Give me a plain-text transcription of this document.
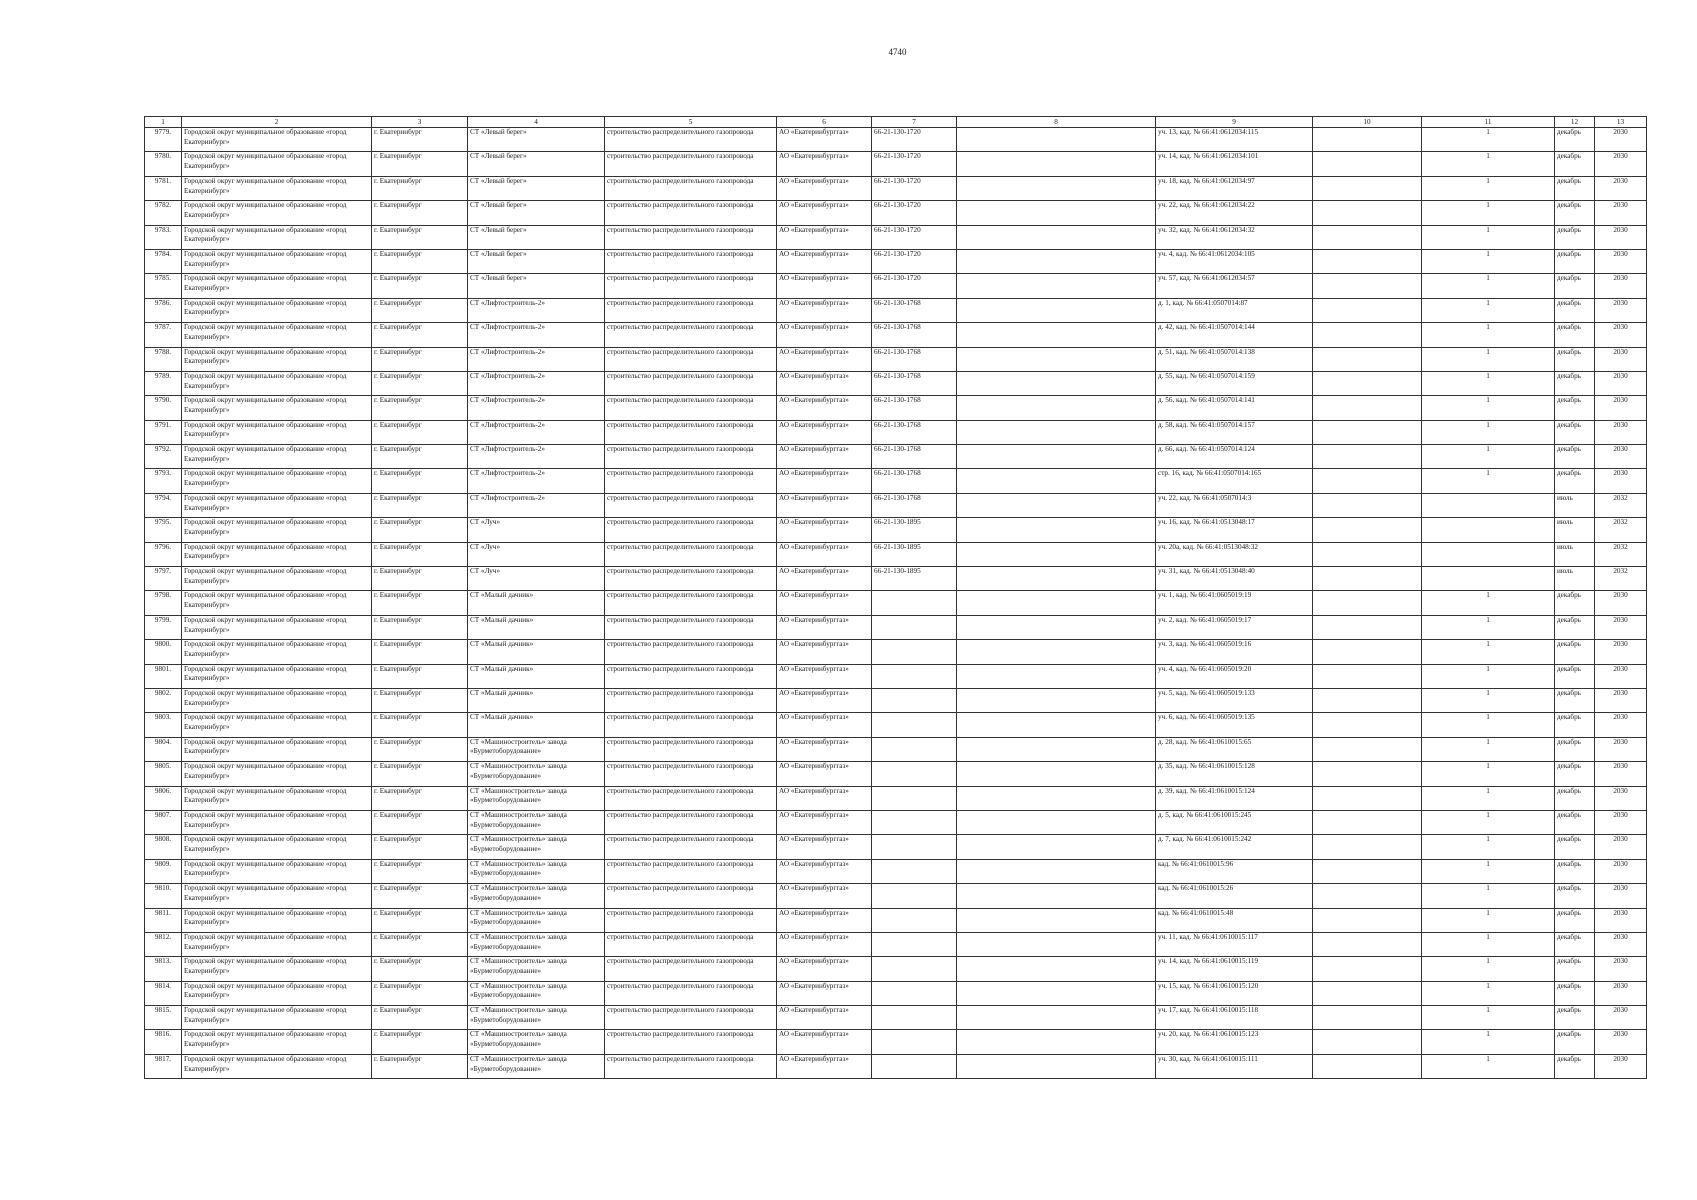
4740
1	2	3	4	5	6	7	8	9	10	11	12	13
9779.	Городской округ муниципальное образование «город Екатеринбург»	г. Екатеринбург	СТ «Левый берег»	строительство распределительного газопровода	АО «Екатеринбурггаз»	66-21-130-1720		уч. 13, кад. № 66:41:0612034:115		1	декабрь	2030
9780.	Городской округ муниципальное образование «город Екатеринбург»	г. Екатеринбург	СТ «Левый берег»	строительство распределительного газопровода	АО «Екатеринбурггаз»	66-21-130-1720		уч. 14, кад. № 66:41:0612034:101		1	декабрь	2030
9781.	Городской округ муниципальное образование «город Екатеринбург»	г. Екатеринбург	СТ «Левый берег»	строительство распределительного газопровода	АО «Екатеринбурггаз»	66-21-130-1720		уч. 18, кад. № 66:41:0612034:97		1	декабрь	2030
9782.	Городской округ муниципальное образование «город Екатеринбург»	г. Екатеринбург	СТ «Левый берег»	строительство распределительного газопровода	АО «Екатеринбурггаз»	66-21-130-1720		уч. 22, кад. № 66:41:0612034:22		1	декабрь	2030
9783.	Городской округ муниципальное образование «город Екатеринбург»	г. Екатеринбург	СТ «Левый берег»	строительство распределительного газопровода	АО «Екатеринбурггаз»	66-21-130-1720		уч. 32, кад. № 66:41:0612034:32		1	декабрь	2030
9784.	Городской округ муниципальное образование «город Екатеринбург»	г. Екатеринбург	СТ «Левый берег»	строительство распределительного газопровода	АО «Екатеринбурггаз»	66-21-130-1720		уч. 4, кад. № 66:41:0612034:105		1	декабрь	2030
9785.	Городской округ муниципальное образование «город Екатеринбург»	г. Екатеринбург	СТ «Левый берег»	строительство распределительного газопровода	АО «Екатеринбурггаз»	66-21-130-1720		уч. 57, кад. № 66:41:0612034:57		1	декабрь	2030
9786.	Городской округ муниципальное образование «город Екатеринбург»	г. Екатеринбург	СТ «Лифтостроитель-2»	строительство распределительного газопровода	АО «Екатеринбурггаз»	66-21-130-1768		д. 1, кад. № 66:41:0507014:87		1	декабрь	2030
9787.	Городской округ муниципальное образование «город Екатеринбург»	г. Екатеринбург	СТ «Лифтостроитель-2»	строительство распределительного газопровода	АО «Екатеринбурггаз»	66-21-130-1768		д. 42, кад. № 66:41:0507014:144		1	декабрь	2030
9788.	Городской округ муниципальное образование «город Екатеринбург»	г. Екатеринбург	СТ «Лифтостроитель-2»	строительство распределительного газопровода	АО «Екатеринбурггаз»	66-21-130-1768		д. 51, кад. № 66:41:0507014:138		1	декабрь	2030
9789.	Городской округ муниципальное образование «город Екатеринбург»	г. Екатеринбург	СТ «Лифтостроитель-2»	строительство распределительного газопровода	АО «Екатеринбурггаз»	66-21-130-1768		д. 55, кад. № 66:41:0507014:159		1	декабрь	2030
9790.	Городской округ муниципальное образование «город Екатеринбург»	г. Екатеринбург	СТ «Лифтостроитель-2»	строительство распределительного газопровода	АО «Екатеринбурггаз»	66-21-130-1768		д. 56, кад. № 66:41:0507014:141		1	декабрь	2030
9791.	Городской округ муниципальное образование «город Екатеринбург»	г. Екатеринбург	СТ «Лифтостроитель-2»	строительство распределительного газопровода	АО «Екатеринбурггаз»	66-21-130-1768		д. 58, кад. № 66:41:0507014:157		1	декабрь	2030
9792.	Городской округ муниципальное образование «город Екатеринбург»	г. Екатеринбург	СТ «Лифтостроитель-2»	строительство распределительного газопровода	АО «Екатеринбурггаз»	66-21-130-1768		д. 66, кад. № 66:41:0507014:124		1	декабрь	2030
9793.	Городской округ муниципальное образование «город Екатеринбург»	г. Екатеринбург	СТ «Лифтостроитель-2»	строительство распределительного газопровода	АО «Екатеринбурггаз»	66-21-130-1768		стр. 16, кад. № 66:41:0507014:165		1	декабрь	2030
9794.	Городской округ муниципальное образование «город Екатеринбург»	г. Екатеринбург	СТ «Лифтостроитель-2»	строительство распределительного газопровода	АО «Екатеринбурггаз»	66-21-130-1768		уч. 22, кад. № 66:41:0507014:3			июль	2032
9795.	Городской округ муниципальное образование «город Екатеринбург»	г. Екатеринбург	СТ «Луч»	строительство распределительного газопровода	АО «Екатеринбурггаз»	66-21-130-1895		уч. 16, кад. № 66:41:0513048:17			июль	2032
9796.	Городской округ муниципальное образование «город Екатеринбург»	г. Екатеринбург	СТ «Луч»	строительство распределительного газопровода	АО «Екатеринбурггаз»	66-21-130-1895		уч. 20а, кад. № 66:41:0513048:32			июль	2032
9797.	Городской округ муниципальное образование «город Екатеринбург»	г. Екатеринбург	СТ «Луч»	строительство распределительного газопровода	АО «Екатеринбурггаз»	66-21-130-1895		уч. 31, кад. № 66:41:0513048:40			июль	2032
9798.	Городской округ муниципальное образование «город Екатеринбург»	г. Екатеринбург	СТ «Малый дачник»	строительство распределительного газопровода	АО «Екатеринбурггаз»			уч. 1, кад. № 66:41:0605019:19		1	декабрь	2030
9799.	Городской округ муниципальное образование «город Екатеринбург»	г. Екатеринбург	СТ «Малый дачник»	строительство распределительного газопровода	АО «Екатеринбурггаз»			уч. 2, кад. № 66:41:0605019:17		1	декабрь	2030
9800.	Городской округ муниципальное образование «город Екатеринбург»	г. Екатеринбург	СТ «Малый дачник»	строительство распределительного газопровода	АО «Екатеринбурггаз»			уч. 3, кад. № 66:41:0605019:16		1	декабрь	2030
9801.	Городской округ муниципальное образование «город Екатеринбург»	г. Екатеринбург	СТ «Малый дачник»	строительство распределительного газопровода	АО «Екатеринбурггаз»			уч. 4, кад. № 66:41:0605019:20		1	декабрь	2030
9802.	Городской округ муниципальное образование «город Екатеринбург»	г. Екатеринбург	СТ «Малый дачник»	строительство распределительного газопровода	АО «Екатеринбурггаз»			уч. 5, кад. № 66:41:0605019:133		1	декабрь	2030
9803.	Городской округ муниципальное образование «город Екатеринбург»	г. Екатеринбург	СТ «Малый дачник»	строительство распределительного газопровода	АО «Екатеринбурггаз»			уч. 6, кад. № 66:41:0605019:135		1	декабрь	2030
9804.	Городской округ муниципальное образование «город Екатеринбург»	г. Екатеринбург	СТ «Машиностроитель» завода «Бурметоборудование»	строительство распределительного газопровода	АО «Екатеринбурггаз»			д. 28, кад. № 66:41:0610015:65		1	декабрь	2030
9805.	Городской округ муниципальное образование «город Екатеринбург»	г. Екатеринбург	СТ «Машиностроитель» завода «Бурметоборудование»	строительство распределительного газопровода	АО «Екатеринбурггаз»			д. 35, кад. № 66:41:0610015:128		1	декабрь	2030
9806.	Городской округ муниципальное образование «город Екатеринбург»	г. Екатеринбург	СТ «Машиностроитель» завода «Бурметоборудование»	строительство распределительного газопровода	АО «Екатеринбурггаз»			д. 39, кад. № 66:41:0610015:124		1	декабрь	2030
9807.	Городской округ муниципальное образование «город Екатеринбург»	г. Екатеринбург	СТ «Машиностроитель» завода «Бурметоборудование»	строительство распределительного газопровода	АО «Екатеринбурггаз»			д. 5, кад. № 66:41:0610015:245		1	декабрь	2030
9808.	Городской округ муниципальное образование «город Екатеринбург»	г. Екатеринбург	СТ «Машиностроитель» завода «Бурметоборудование»	строительство распределительного газопровода	АО «Екатеринбурггаз»			д. 7, кад. № 66:41:0610015:242		1	декабрь	2030
9809.	Городской округ муниципальное образование «город Екатеринбург»	г. Екатеринбург	СТ «Машиностроитель» завода «Бурметоборудование»	строительство распределительного газопровода	АО «Екатеринбурггаз»			кад. № 66:41:0610015:96		1	декабрь	2030
9810.	Городской округ муниципальное образование «город Екатеринбург»	г. Екатеринбург	СТ «Машиностроитель» завода «Бурметоборудование»	строительство распределительного газопровода	АО «Екатеринбурггаз»			кад. № 66:41:0610015:26		1	декабрь	2030
9811.	Городской округ муниципальное образование «город Екатеринбург»	г. Екатеринбург	СТ «Машиностроитель» завода «Бурметоборудование»	строительство распределительного газопровода	АО «Екатеринбурггаз»			кад. № 66:41:0610015:48		1	декабрь	2030
9812.	Городской округ муниципальное образование «город Екатеринбург»	г. Екатеринбург	СТ «Машиностроитель» завода «Бурметоборудование»	строительство распределительного газопровода	АО «Екатеринбурггаз»			уч. 11, кад. № 66:41:0610015:117		1	декабрь	2030
9813.	Городской округ муниципальное образование «город Екатеринбург»	г. Екатеринбург	СТ «Машиностроитель» завода «Бурметоборудование»	строительство распределительного газопровода	АО «Екатеринбурггаз»			уч. 14, кад. № 66:41:0610015:119		1	декабрь	2030
9814.	Городской округ муниципальное образование «город Екатеринбург»	г. Екатеринбург	СТ «Машиностроитель» завода «Бурметоборудование»	строительство распределительного газопровода	АО «Екатеринбурггаз»			уч. 15, кад. № 66:41:0610015:120		1	декабрь	2030
9815.	Городской округ муниципальное образование «город Екатеринбург»	г. Екатеринбург	СТ «Машиностроитель» завода «Бурметоборудование»	строительство распределительного газопровода	АО «Екатеринбурггаз»			уч. 17, кад. № 66:41:0610015:118		1	декабрь	2030
9816.	Городской округ муниципальное образование «город Екатеринбург»	г. Екатеринбург	СТ «Машиностроитель» завода «Бурметоборудование»	строительство распределительного газопровода	АО «Екатеринбурггаз»			уч. 20, кад. № 66:41:0610015:123		1	декабрь	2030
9817.	Городской округ муниципальное образование «город Екатеринбург»	г. Екатеринбург	СТ «Машиностроитель» завода «Бурметоборудование»	строительство распределительного газопровода	АО «Екатеринбурггаз»			уч. 30, кад. № 66:41:0610015:111		1	декабрь	2030
